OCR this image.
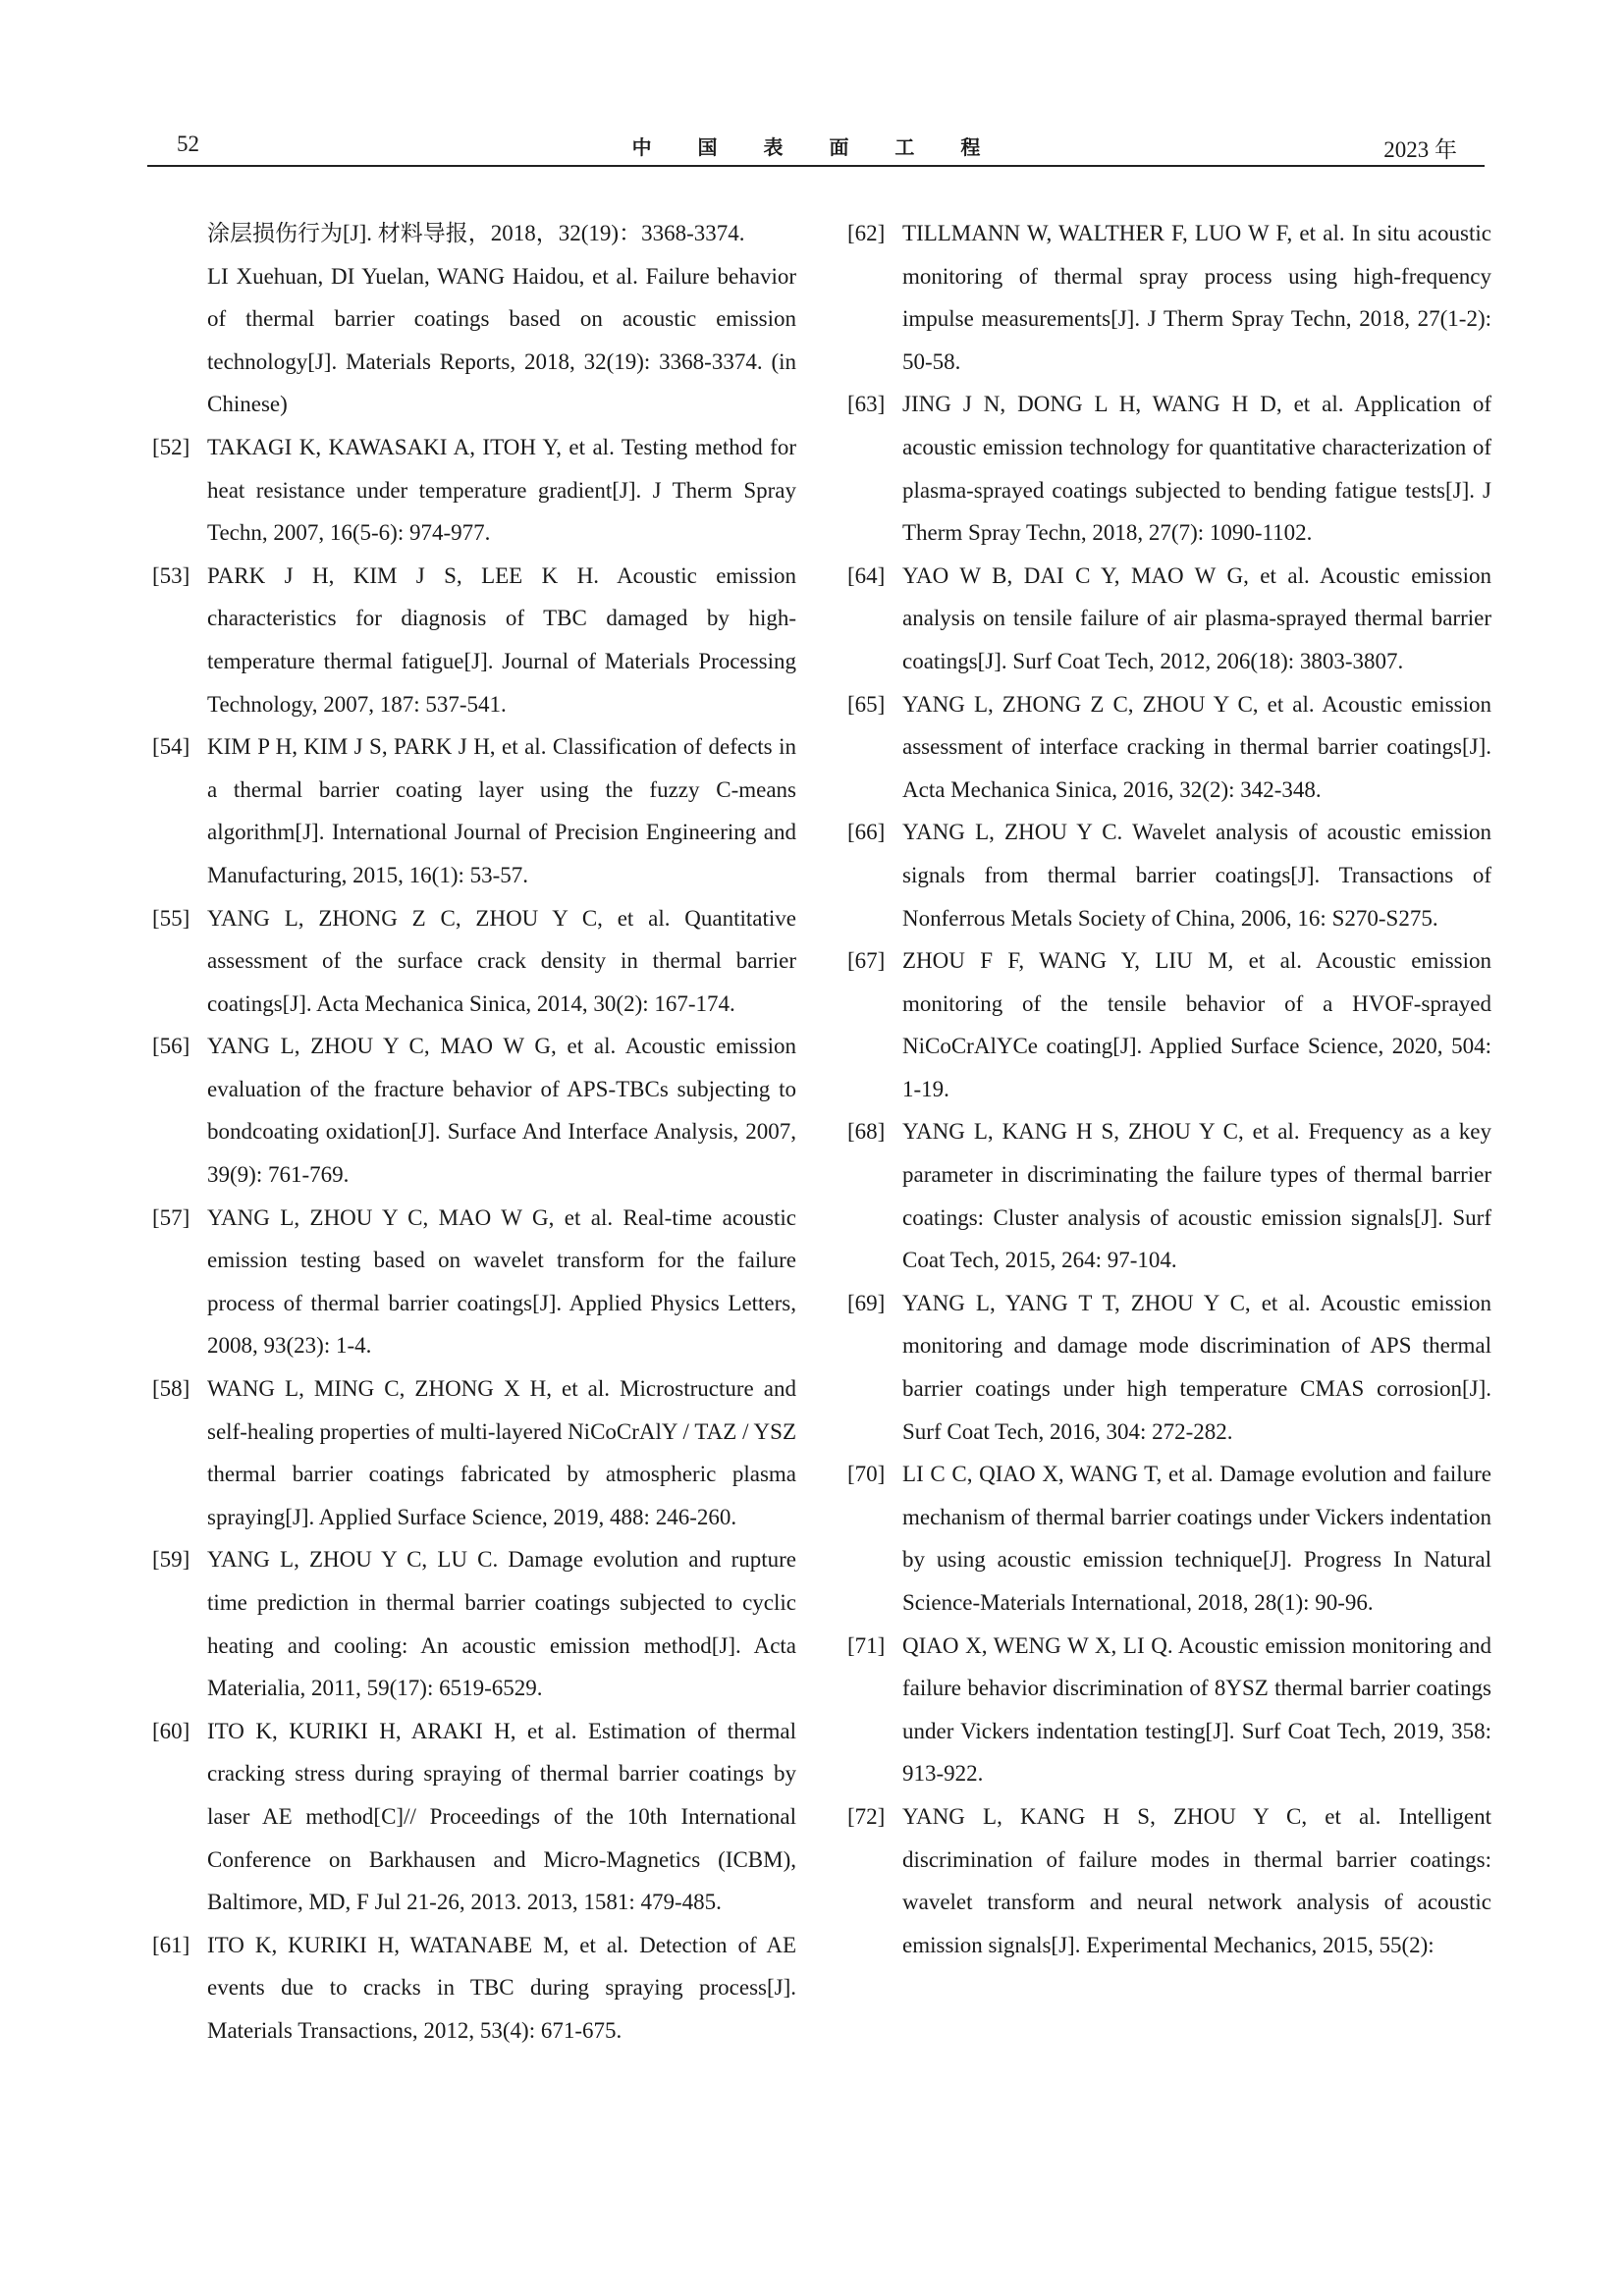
52	中 国 表 面 工 程	2023 年

涂层损伤行为[J]. 材料导报，2018，32(19)：3368-3374.

LI Xuehuan, DI Yuelan, WANG Haidou, et al. Failure behavior of thermal barrier coatings based on acoustic emission technology[J]. Materials Reports, 2018, 32(19): 3368-3374. (in Chinese)

[52] TAKAGI K, KAWASAKI A, ITOH Y, et al. Testing method for heat resistance under temperature gradient[J]. J Therm Spray Techn, 2007, 16(5-6): 974-977.

[53] PARK J H, KIM J S, LEE K H. Acoustic emission characteristics for diagnosis of TBC damaged by high-temperature thermal fatigue[J]. Journal of Materials Processing Technology, 2007, 187: 537-541.

[54] KIM P H, KIM J S, PARK J H, et al. Classification of defects in a thermal barrier coating layer using the fuzzy C-means algorithm[J]. International Journal of Precision Engineering and Manufacturing, 2015, 16(1): 53-57.

[55] YANG L, ZHONG Z C, ZHOU Y C, et al. Quantitative assessment of the surface crack density in thermal barrier coatings[J]. Acta Mechanica Sinica, 2014, 30(2): 167-174.

[56] YANG L, ZHOU Y C, MAO W G, et al. Acoustic emission evaluation of the fracture behavior of APS-TBCs subjecting to bondcoating oxidation[J]. Surface And Interface Analysis, 2007, 39(9): 761-769.

[57] YANG L, ZHOU Y C, MAO W G, et al. Real-time acoustic emission testing based on wavelet transform for the failure process of thermal barrier coatings[J]. Applied Physics Letters, 2008, 93(23): 1-4.

[58] WANG L, MING C, ZHONG X H, et al. Microstructure and self-healing properties of multi-layered NiCoCrAlY / TAZ / YSZ thermal barrier coatings fabricated by atmospheric plasma spraying[J]. Applied Surface Science, 2019, 488: 246-260.

[59] YANG L, ZHOU Y C, LU C. Damage evolution and rupture time prediction in thermal barrier coatings subjected to cyclic heating and cooling: An acoustic emission method[J]. Acta Materialia, 2011, 59(17): 6519-6529.

[60] ITO K, KURIKI H, ARAKI H, et al. Estimation of thermal cracking stress during spraying of thermal barrier coatings by laser AE method[C]// Proceedings of the 10th International Conference on Barkhausen and Micro-Magnetics (ICBM), Baltimore, MD, F Jul 21-26, 2013. 2013, 1581: 479-485.

[61] ITO K, KURIKI H, WATANABE M, et al. Detection of AE events due to cracks in TBC during spraying process[J]. Materials Transactions, 2012, 53(4): 671-675.

[62] TILLMANN W, WALTHER F, LUO W F, et al. In situ acoustic monitoring of thermal spray process using high-frequency impulse measurements[J]. J Therm Spray Techn, 2018, 27(1-2): 50-58.

[63] JING J N, DONG L H, WANG H D, et al. Application of acoustic emission technology for quantitative characterization of plasma-sprayed coatings subjected to bending fatigue tests[J]. J Therm Spray Techn, 2018, 27(7): 1090-1102.

[64] YAO W B, DAI C Y, MAO W G, et al. Acoustic emission analysis on tensile failure of air plasma-sprayed thermal barrier coatings[J]. Surf Coat Tech, 2012, 206(18): 3803-3807.

[65] YANG L, ZHONG Z C, ZHOU Y C, et al. Acoustic emission assessment of interface cracking in thermal barrier coatings[J]. Acta Mechanica Sinica, 2016, 32(2): 342-348.

[66] YANG L, ZHOU Y C. Wavelet analysis of acoustic emission signals from thermal barrier coatings[J]. Transactions of Nonferrous Metals Society of China, 2006, 16: S270-S275.

[67] ZHOU F F, WANG Y, LIU M, et al. Acoustic emission monitoring of the tensile behavior of a HVOF-sprayed NiCoCrAlYCe coating[J]. Applied Surface Science, 2020, 504: 1-19.

[68] YANG L, KANG H S, ZHOU Y C, et al. Frequency as a key parameter in discriminating the failure types of thermal barrier coatings: Cluster analysis of acoustic emission signals[J]. Surf Coat Tech, 2015, 264: 97-104.

[69] YANG L, YANG T T, ZHOU Y C, et al. Acoustic emission monitoring and damage mode discrimination of APS thermal barrier coatings under high temperature CMAS corrosion[J]. Surf Coat Tech, 2016, 304: 272-282.

[70] LI C C, QIAO X, WANG T, et al. Damage evolution and failure mechanism of thermal barrier coatings under Vickers indentation by using acoustic emission technique[J]. Progress In Natural Science-Materials International, 2018, 28(1): 90-96.

[71] QIAO X, WENG W X, LI Q. Acoustic emission monitoring and failure behavior discrimination of 8YSZ thermal barrier coatings under Vickers indentation testing[J]. Surf Coat Tech, 2019, 358: 913-922.

[72] YANG L, KANG H S, ZHOU Y C, et al. Intelligent discrimination of failure modes in thermal barrier coatings: wavelet transform and neural network analysis of acoustic emission signals[J]. Experimental Mechanics, 2015, 55(2):
